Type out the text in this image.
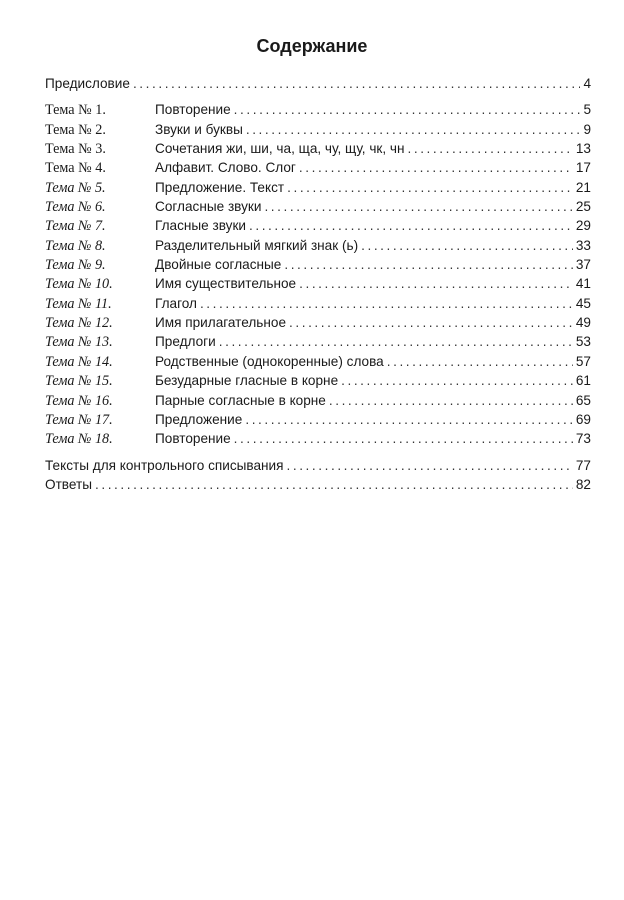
Содержание
Предисловие . . .	4
Тема № 1.	Повторение . . .	5
Тема № 2.	Звуки и буквы . . .	9
Тема № 3.	Сочетания жи, ши, ча, ща, чу, щу, чк, чн . . .	13
Тема № 4.	Алфавит. Слово. Слог . . .	17
Тема № 5.	Предложение. Текст . . .	21
Тема № 6.	Согласные звуки . . .	25
Тема № 7.	Гласные звуки . . .	29
Тема № 8.	Разделительный мягкий знак (ь) . . .	33
Тема № 9.	Двойные согласные . . .	37
Тема № 10.	Имя существительное . . .	41
Тема № 11.	Глагол . . .	45
Тема № 12.	Имя прилагательное . . .	49
Тема № 13.	Предлоги . . .	53
Тема № 14.	Родственные (однокоренные) слова . . .	57
Тема № 15.	Безударные гласные в корне . . .	61
Тема № 16.	Парные согласные в корне . . .	65
Тема № 17.	Предложение . . .	69
Тема № 18.	Повторение . . .	73
Тексты для контрольного списывания . . .	77
Ответы . . .	82
